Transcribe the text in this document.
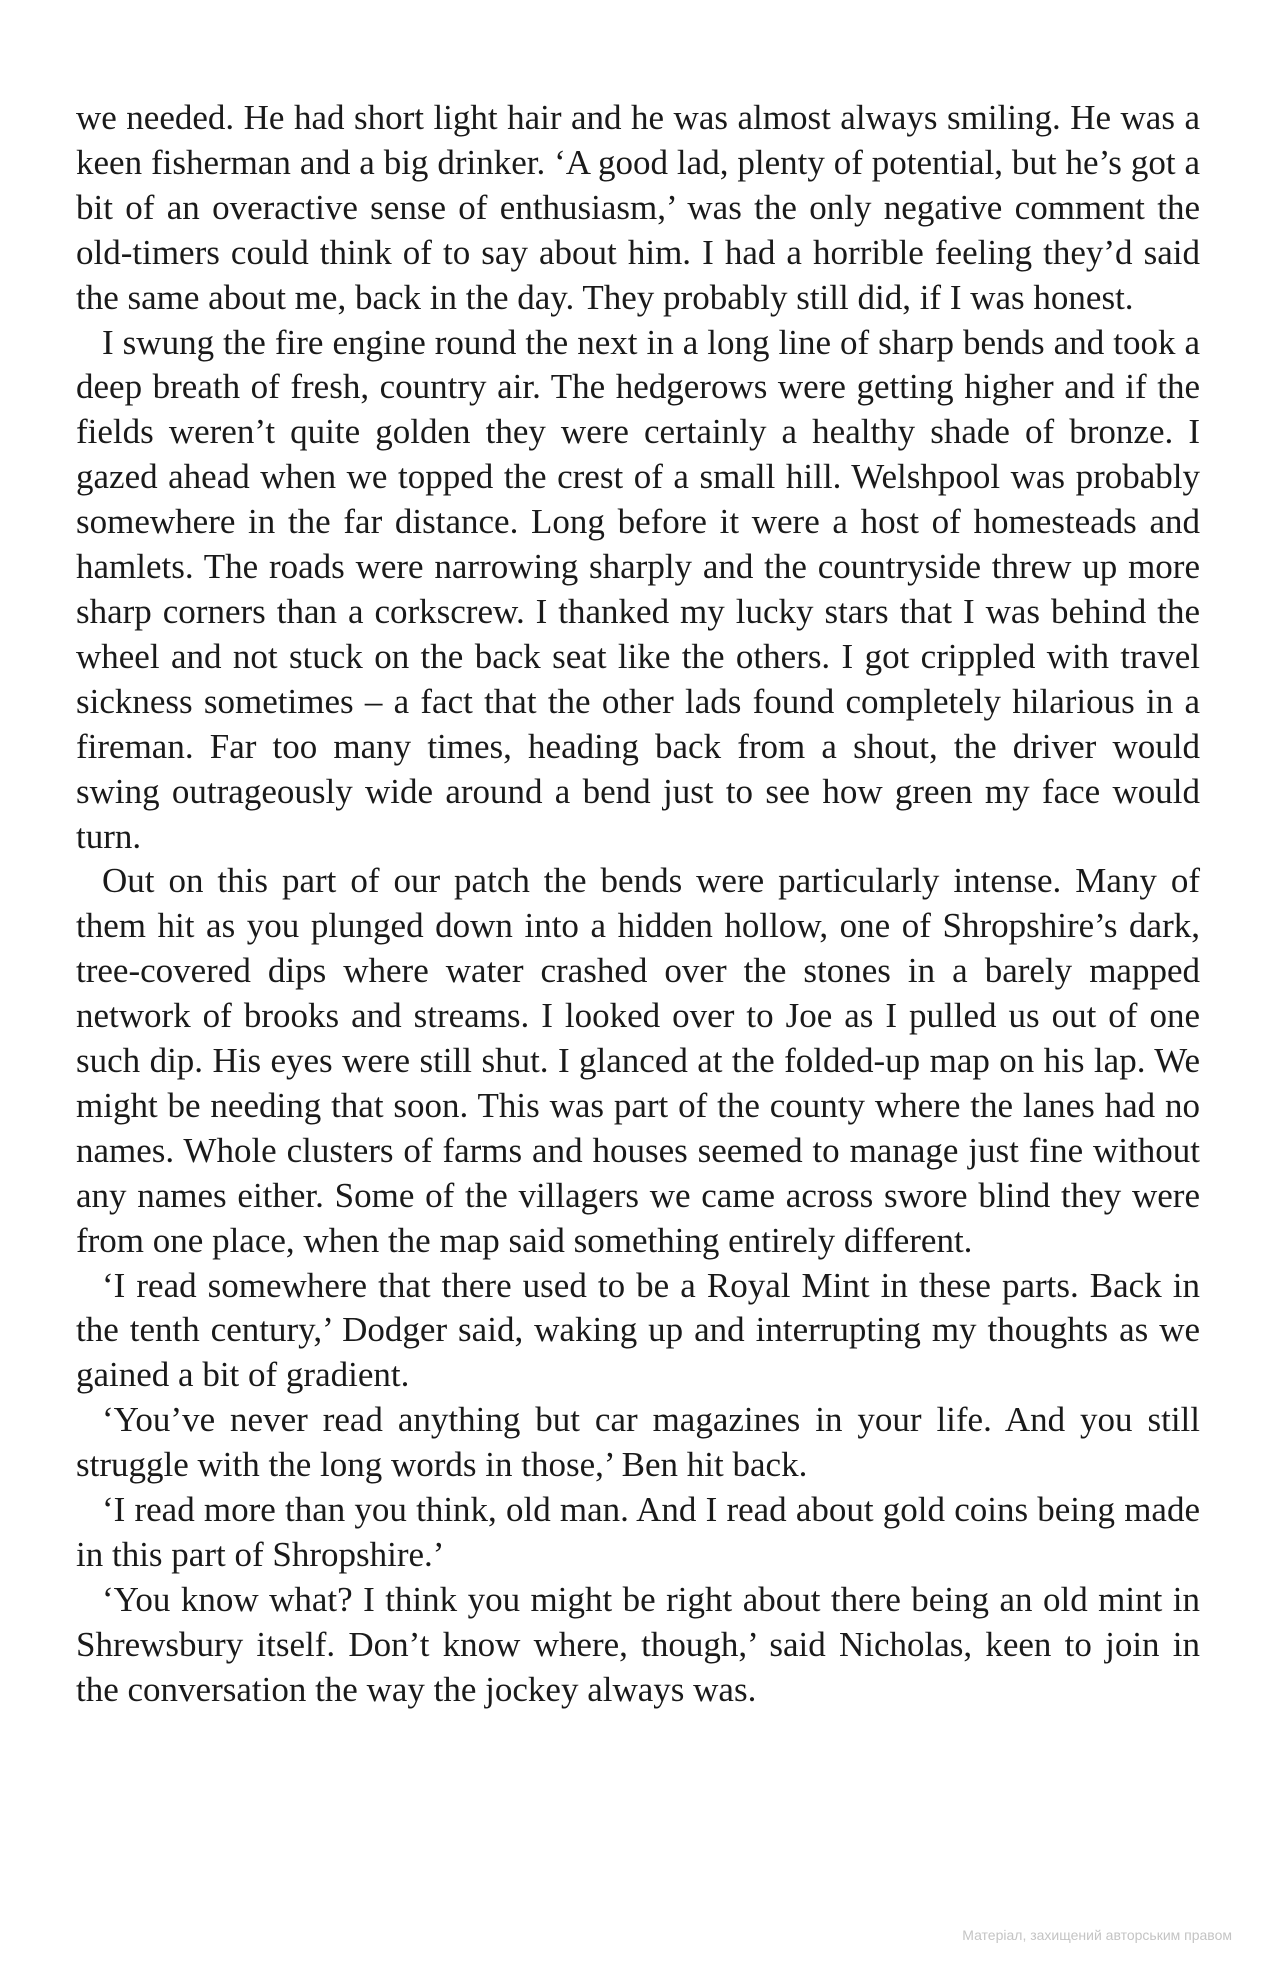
we needed. He had short light hair and he was almost always smiling. He was a keen fisherman and a big drinker. ‘A good lad, plenty of potential, but he’s got a bit of an overactive sense of enthusiasm,’ was the only negative comment the old-timers could think of to say about him. I had a horrible feeling they’d said the same about me, back in the day. They probably still did, if I was honest.

I swung the fire engine round the next in a long line of sharp bends and took a deep breath of fresh, country air. The hedgerows were getting higher and if the fields weren’t quite golden they were certainly a healthy shade of bronze. I gazed ahead when we topped the crest of a small hill. Welshpool was probably somewhere in the far distance. Long before it were a host of homesteads and hamlets. The roads were narrowing sharply and the countryside threw up more sharp corners than a corkscrew. I thanked my lucky stars that I was behind the wheel and not stuck on the back seat like the others. I got crippled with travel sickness sometimes – a fact that the other lads found completely hilarious in a fireman. Far too many times, heading back from a shout, the driver would swing outrageously wide around a bend just to see how green my face would turn.

Out on this part of our patch the bends were particularly intense. Many of them hit as you plunged down into a hidden hollow, one of Shropshire’s dark, tree-covered dips where water crashed over the stones in a barely mapped network of brooks and streams. I looked over to Joe as I pulled us out of one such dip. His eyes were still shut. I glanced at the folded-up map on his lap. We might be needing that soon. This was part of the county where the lanes had no names. Whole clusters of farms and houses seemed to manage just fine without any names either. Some of the villagers we came across swore blind they were from one place, when the map said something entirely different.

‘I read somewhere that there used to be a Royal Mint in these parts. Back in the tenth century,’ Dodger said, waking up and interrupting my thoughts as we gained a bit of gradient.

‘You’ve never read anything but car magazines in your life. And you still struggle with the long words in those,’ Ben hit back.

‘I read more than you think, old man. And I read about gold coins being made in this part of Shropshire.’

‘You know what? I think you might be right about there being an old mint in Shrewsbury itself. Don’t know where, though,’ said Nicholas, keen to join in the conversation the way the jockey always was.

Матеріал, захищений авторським правом
